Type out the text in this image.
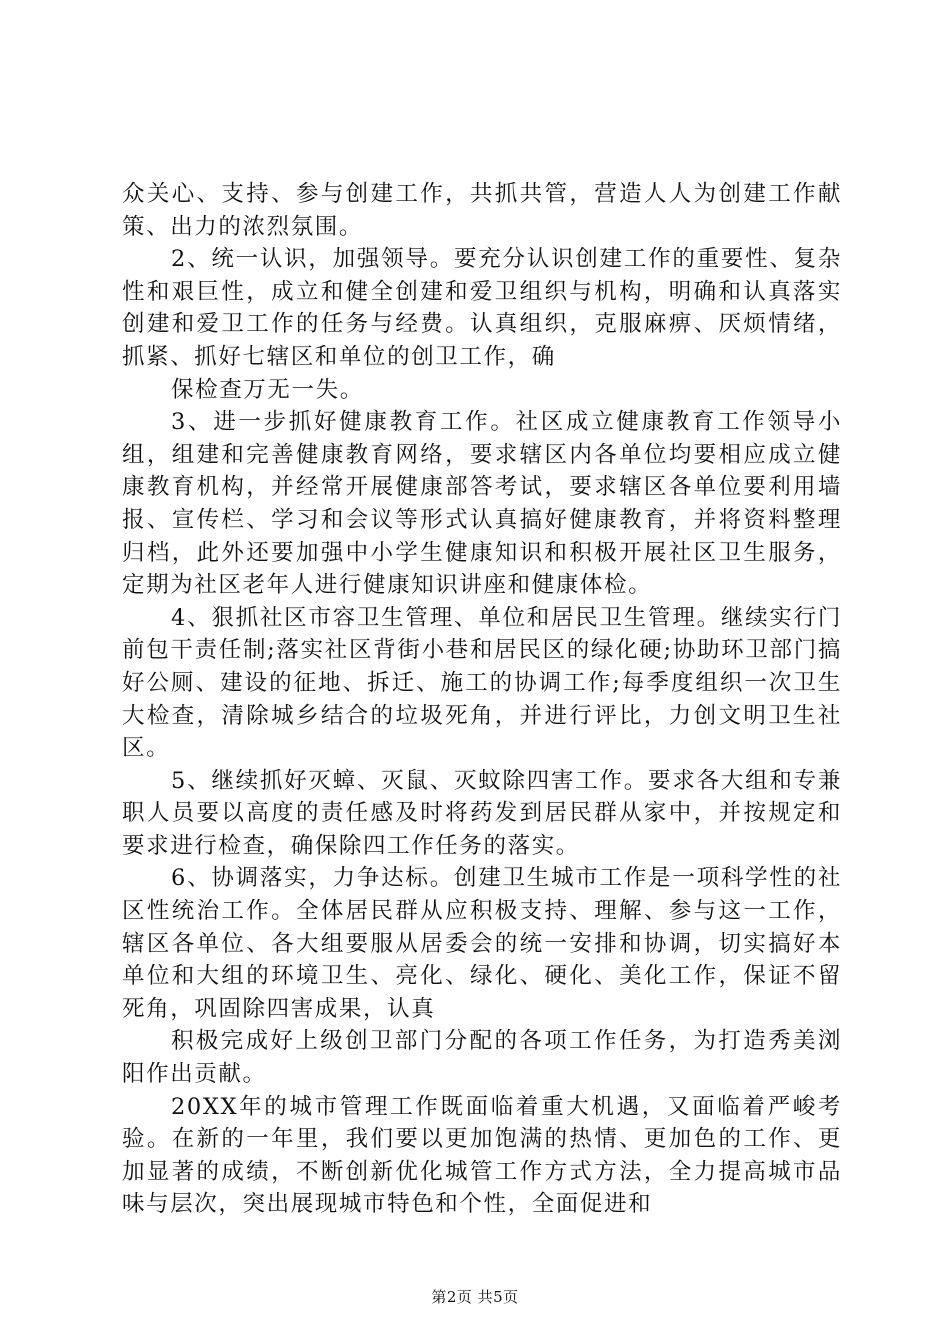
众关心、支持、参与创建工作，共抓共管，营造人人为创建工作献策、出力的浓烈氛围。

2、统一认识，加强领导。要充分认识创建工作的重要性、复杂性和艰巨性，成立和健全创建和爱卫组织与机构，明确和认真落实创建和爱卫工作的任务与经费。认真组织，克服麻痹、厌烦情绪，抓紧、抓好七辖区和单位的创卫工作，确

保检查万无一失。

3、进一步抓好健康教育工作。社区成立健康教育工作领导小组，组建和完善健康教育网络，要求辖区内各单位均要相应成立健康教育机构，并经常开展健康部答考试，要求辖区各单位要利用墙报、宣传栏、学习和会议等形式认真搞好健康教育，并将资料整理归档，此外还要加强中小学生健康知识和积极开展社区卫生服务，定期为社区老年人进行健康知识讲座和健康体检。

4、狠抓社区市容卫生管理、单位和居民卫生管理。继续实行门前包干责任制;落实社区背街小巷和居民区的绿化硬;协助环卫部门搞好公厕、建设的征地、拆迁、施工的协调工作;每季度组织一次卫生大检查，清除城乡结合的垃圾死角，并进行评比，力创文明卫生社区。

5、继续抓好灭蟑、灭鼠、灭蚊除四害工作。要求各大组和专兼职人员要以高度的责任感及时将药发到居民群从家中，并按规定和要求进行检查，确保除四工作任务的落实。

6、协调落实，力争达标。创建卫生城市工作是一项科学性的社区性统治工作。全体居民群从应积极支持、理解、参与这一工作，辖区各单位、各大组要服从居委会的统一安排和协调，切实搞好本单位和大组的环境卫生、亮化、绿化、硬化、美化工作，保证不留死角，巩固除四害成果，认真

积极完成好上级创卫部门分配的各项工作任务，为打造秀美浏阳作出贡献。

20XX年的城市管理工作既面临着重大机遇，又面临着严峻考验。在新的一年里，我们要以更加饱满的热情、更加色的工作、更加显著的成绩，不断创新优化城管工作方式方法，全力提高城市品味与层次，突出展现城市特色和个性，全面促进和

第2页 共5页
